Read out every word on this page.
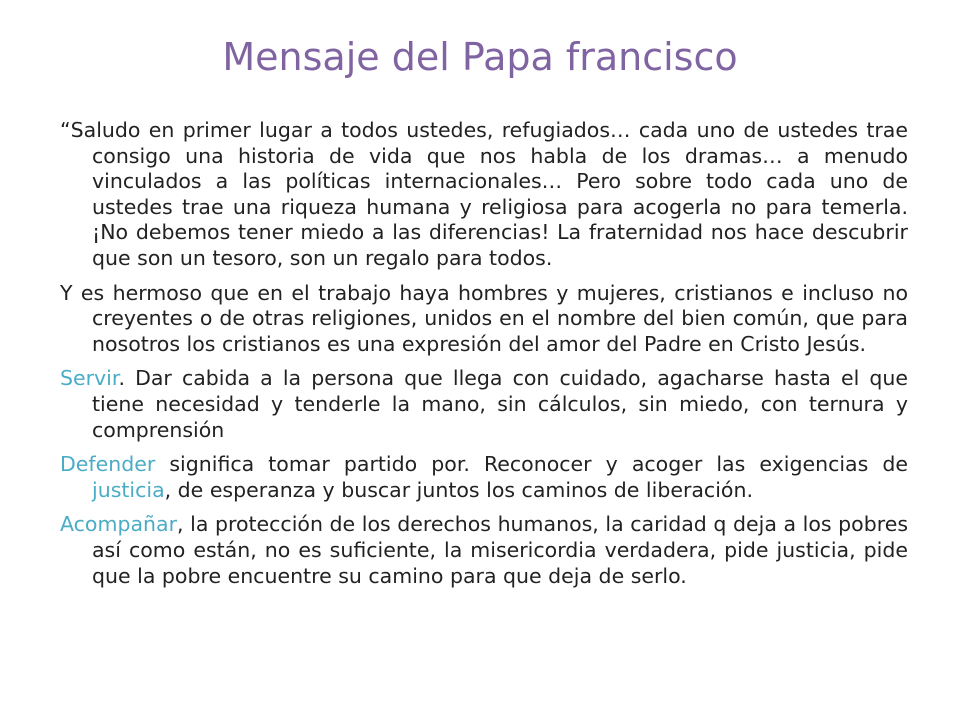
Mensaje del Papa francisco

“Saludo en primer lugar a todos ustedes, refugiados… cada uno de ustedes trae consigo una historia de vida que nos habla de los dramas… a menudo vinculados a las políticas internacionales… Pero sobre todo cada uno de ustedes trae una riqueza humana y religiosa para acogerla no para temerla. ¡No debemos tener miedo a las diferencias! La fraternidad nos hace descubrir que son un tesoro, son un regalo para todos.

Y es hermoso que en el trabajo haya hombres y mujeres, cristianos e incluso no creyentes o de otras religiones, unidos en el nombre del bien común, que para nosotros los cristianos es una expresión del amor del Padre en Cristo Jesús.

Servir. Dar cabida a la persona que llega con cuidado, agacharse hasta el que tiene necesidad y tenderle la mano, sin cálculos, sin miedo, con ternura y comprensión

Defender significa tomar partido por. Reconocer y acoger las exigencias de justicia, de esperanza y buscar juntos los caminos de liberación.

Acompañar, la protección de los derechos humanos, la caridad q deja a los pobres así como están, no es suficiente, la misericordia verdadera, pide justicia, pide que la pobre encuentre su camino para que deja de serlo.
